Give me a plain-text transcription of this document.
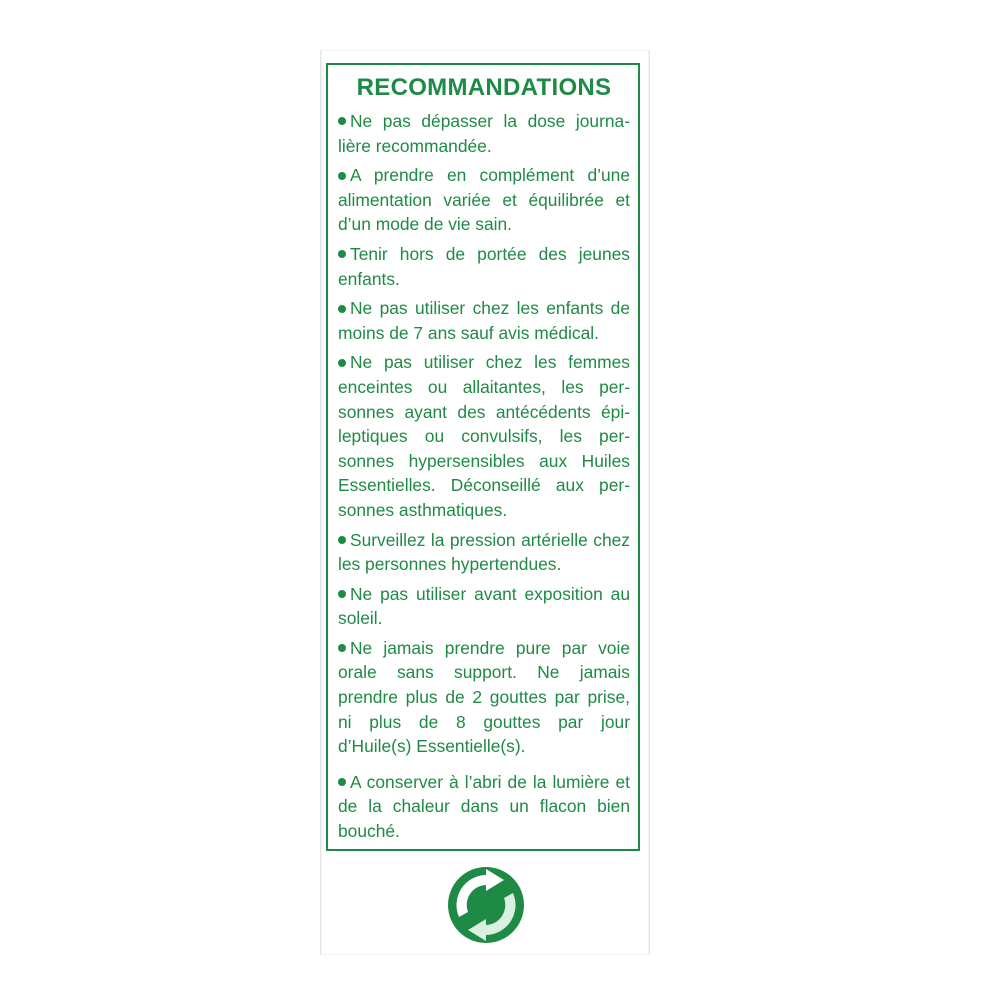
RECOMMANDATIONS
Ne pas dépasser la dose journa-lière recommandée.
A prendre en complément d’une alimentation variée et équilibrée et d’un mode de vie sain.
Tenir hors de portée des jeunes enfants.
Ne pas utiliser chez les enfants de moins de 7 ans sauf avis médical.
Ne pas utiliser chez les femmes enceintes ou allaitantes, les per-sonnes ayant des antécédents épi-leptiques ou convulsifs, les per-sonnes hypersensibles aux Huiles Essentielles. Déconseillé aux per-sonnes asthmatiques.
Surveillez la pression artérielle chez les personnes hypertendues.
Ne pas utiliser avant exposition au soleil.
Ne jamais prendre pure par voie orale sans support. Ne jamais prendre plus de 2 gouttes par prise, ni plus de 8 gouttes par jour d’Huile(s) Essentielle(s).
A conserver à l’abri de la lumière et de la chaleur dans un flacon bien bouché.
